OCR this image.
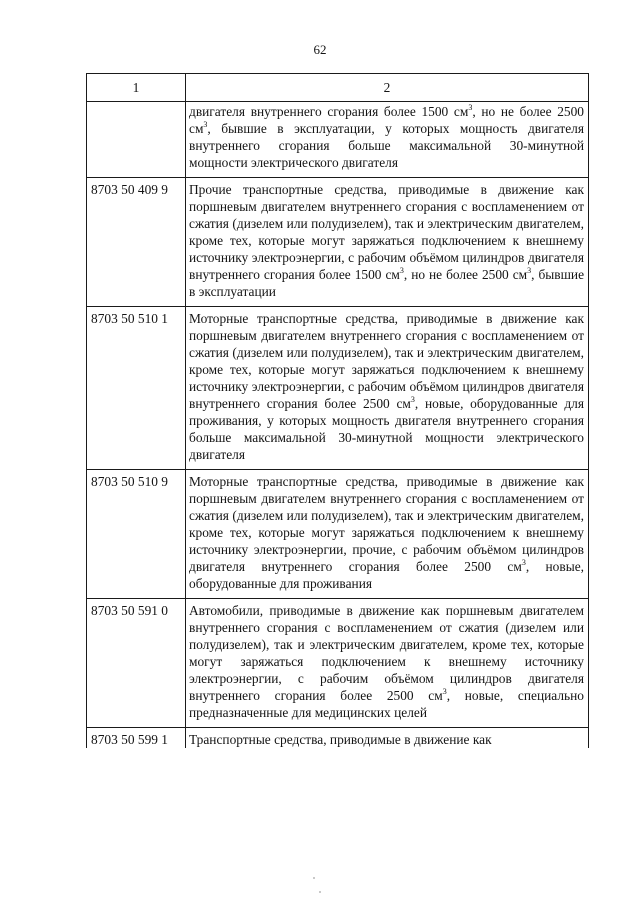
62
1	2
	двигателя внутреннего сгорания более 1500 $см^3$, но не более 2500 $см^3$, бывшие в эксплуатации, у которых мощность двигателя внутреннего сгорания больше максимальной 30-минутной мощности электрического двигателя
8703 50 409 9	Прочие транспортные средства, приводимые в движение как поршневым двигателем внутреннего сгорания с воспламенением от сжатия (дизелем или полудизелем), так и электрическим двигателем, кроме тех, которые могут заряжаться подключением к внешнему источнику электроэнергии, с рабочим объёмом цилиндров двигателя внутреннего сгорания более 1500 $см^3$, но не более 2500 $см^3$, бывшие в эксплуатации
8703 50 510 1	Моторные транспортные средства, приводимые в движение как поршневым двигателем внутреннего сгорания с воспламенением от сжатия (дизелем или полудизелем), так и электрическим двигателем, кроме тех, которые могут заряжаться подключением к внешнему источнику электроэнергии, с рабочим объёмом цилиндров двигателя внутреннего сгорания более 2500 $см^3$, новые, оборудованные для проживания, у которых мощность двигателя внутреннего сгорания больше максимальной 30-минутной мощности электрического двигателя
8703 50 510 9	Моторные транспортные средства, приводимые в движение как поршневым двигателем внутреннего сгорания с воспламенением от сжатия (дизелем или полудизелем), так и электрическим двигателем, кроме тех, которые могут заряжаться подключением к внешнему источнику электроэнергии, прочие, с рабочим объёмом цилиндров двигателя внутреннего сгорания более 2500 $см^3$, новые, оборудованные для проживания
8703 50 591 0	Автомобили, приводимые в движение как поршневым двигателем внутреннего сгорания с воспламенением от сжатия (дизелем или полудизелем), так и электрическим двигателем, кроме тех, которые могут заряжаться подключением к внешнему источнику электроэнергии, с рабочим объёмом цилиндров двигателя внутреннего сгорания более 2500 $см^3$, новые, специально предназначенные для медицинских целей
8703 50 599 1	Транспортные средства, приводимые в движение как
